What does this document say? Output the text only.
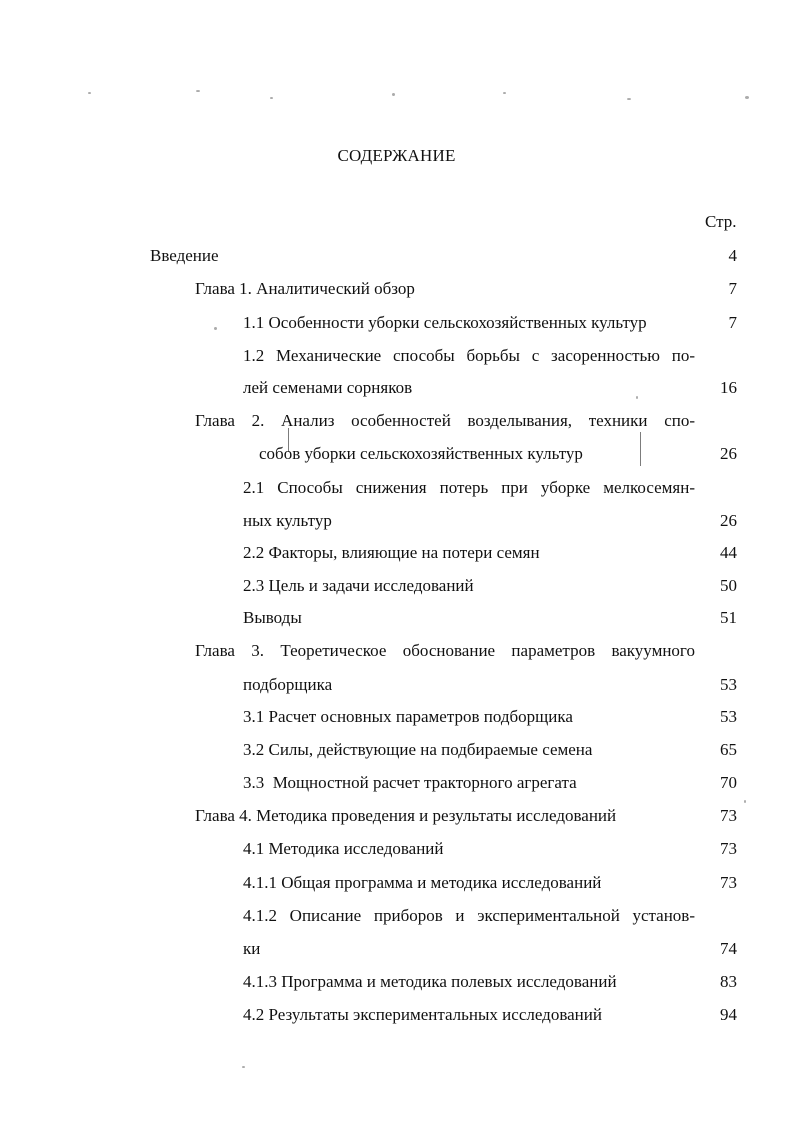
СОДЕРЖАНИЕ
Стр.
Введение	4
Глава 1. Аналитический обзор	7
1.1 Особенности уборки сельскохозяйственных культур	7
1.2 Механические способы борьбы с засоренностью по-
лей семенами сорняков	16
Глава 2. Анализ особенностей возделывания, техники спо-
собов уборки сельскохозяйственных культур	26
2.1 Способы снижения потерь при уборке мелкосемян-
ных культур	26
2.2 Факторы, влияющие на потери семян	44
2.3 Цель и задачи исследований	50
Выводы	51
Глава 3. Теоретическое обоснование параметров вакуумного
подборщика	53
3.1 Расчет основных параметров подборщика	53
3.2 Силы, действующие на подбираемые семена	65
3.3  Мощностной расчет тракторного агрегата	70
Глава 4. Методика проведения и результаты исследований	73
4.1 Методика исследований	73
4.1.1 Общая программа и методика исследований	73
4.1.2 Описание приборов и экспериментальной установ-
ки	74
4.1.3 Программа и методика полевых исследований	83
4.2 Результаты экспериментальных исследований	94
